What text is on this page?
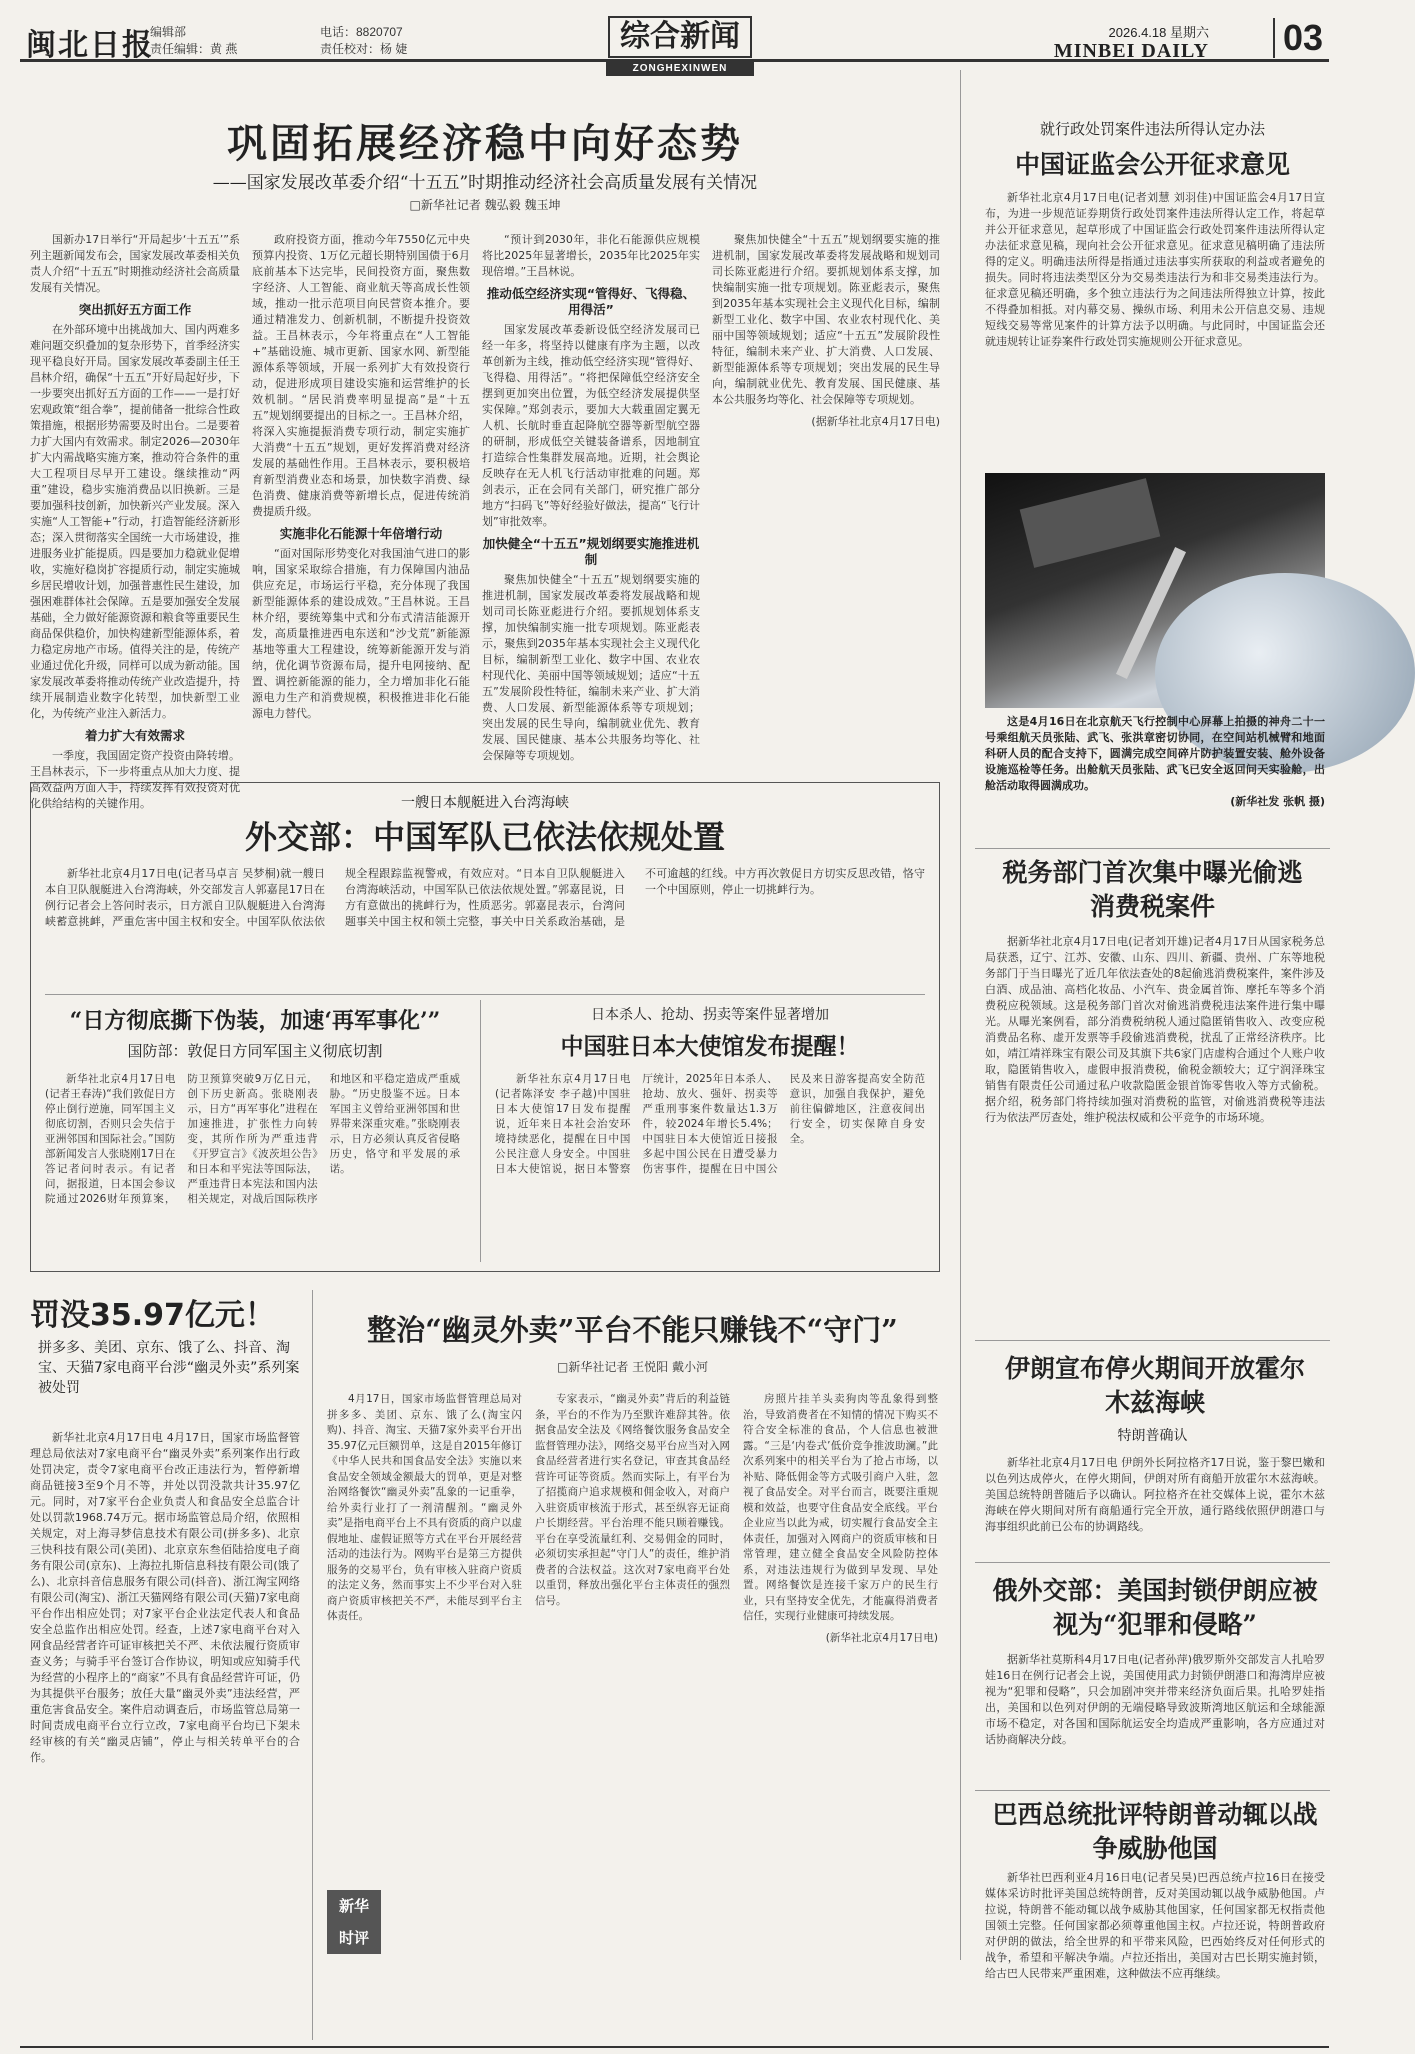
闽北日报
编辑部
责任编辑：黄 燕
电话：8820707
责任校对：杨 婕	综合新闻
ZONGHEXINWEN
2026.4.18 星期六
MINBEI DAILY 03
巩固拓展经济稳中向好态势
——国家发展改革委介绍“十五五”时期推动经济社会高质量发展有关情况
□新华社记者 魏弘毅 魏玉坤

国新办17日举行“开局起步‘十五五’”系列主题新闻发布会，国家发展改革委相关负责人介绍“十五五”时期推动经济社会高质量发展有关情况。

突出抓好五方面工作

在外部环境中出挑战加大、国内两难多难问题交织叠加的复杂形势下，首季经济实现平稳良好开局。国家发展改革委副主任王昌林介绍，确保“十五五”开好局起好步，下一步要突出抓好五方面的工作——一是打好宏观政策“组合拳”，提前储备一批综合性政策措施，根据形势需要及时出台。二是要着力扩大国内有效需求。制定2026—2030年扩大内需战略实施方案，推动符合条件的重大工程项目尽早开工建设。继续推动“两重”建设，稳步实施消费品以旧换新。三是要加强科技创新，加快新兴产业发展。深入实施“人工智能+”行动，打造智能经济新形态；深入贯彻落实全国统一大市场建设，推进服务业扩能提质。四是要加力稳就业促增收，实施好稳岗扩容提质行动，制定实施城乡居民增收计划，加强普惠性民生建设，加强困难群体社会保障。五是要加强安全发展基础，全力做好能源资源和粮食等重要民生商品保供稳价，加快构建新型能源体系，着力稳定房地产市场。值得关注的是，传统产业通过优化升级，同样可以成为新动能。国家发展改革委将推动传统产业改造提升，持续开展制造业数字化转型，加快新型工业化，为传统产业注入新活力。

着力扩大有效需求

一季度，我国固定资产投资由降转增。王昌林表示，下一步将重点从加大力度、提高效益两方面入手，持续发挥有效投资对优化供给结构的关键作用。

政府投资方面，推动今年7550亿元中央预算内投资、1万亿元超长期特别国债于6月底前基本下达完毕，民间投资方面，聚焦数字经济、人工智能、商业航天等高成长性领域，推动一批示范项目向民营资本推介。要通过精准发力、创新机制，不断提升投资效益。王昌林表示，今年将重点在“人工智能+”基础设施、城市更新、国家水网、新型能源体系等领域，开展一系列扩大有效投资行动，促进形成项目建设实施和运营维护的长效机制。“居民消费率明显提高”是“十五五”规划纲要提出的目标之一。王昌林介绍，将深入实施提振消费专项行动，制定实施扩大消费“十五五”规划，更好发挥消费对经济发展的基础性作用。王昌林表示，要积极培育新型消费业态和场景，加快数字消费、绿色消费、健康消费等新增长点，促进传统消费提质升级。

实施非化石能源十年倍增行动

“面对国际形势变化对我国油气进口的影响，国家采取综合措施，有力保障国内油品供应充足，市场运行平稳，充分体现了我国新型能源体系的建设成效。”王昌林说。王昌林介绍，要统筹集中式和分布式清洁能源开发，高质量推进西电东送和“沙戈荒”新能源基地等重大工程建设，统筹新能源开发与消纳，优化调节资源布局，提升电网接纳、配置、调控新能源的能力，全力增加非化石能源电力生产和消费规模，积极推进非化石能源电力替代。

“预计到2030年，非化石能源供应规模将比2025年显著增长，2035年比2025年实现倍增。”王昌林说。

推动低空经济实现“管得好、飞得稳、用得活”

国家发展改革委新设低空经济发展司已经一年多，将坚持以健康有序为主题，以改革创新为主线，推动低空经济实现“管得好、飞得稳、用得活”。“将把保障低空经济安全摆到更加突出位置，为低空经济发展提供坚实保障。”郑剑表示，要加大大载重固定翼无人机、长航时垂直起降航空器等新型航空器的研制，形成低空关键装备谱系，因地制宜打造综合性集群发展高地。近期，社会舆论反映存在无人机飞行活动审批难的问题。郑剑表示，正在会同有关部门，研究推广部分地方“扫码飞”等好经验好做法，提高“飞行计划”审批效率。

加快健全“十五五”规划纲要实施推进机制

聚焦加快健全“十五五”规划纲要实施的推进机制，国家发展改革委将发展战略和规划司司长陈亚彪进行介绍。要抓规划体系支撑，加快编制实施一批专项规划。陈亚彪表示，聚焦到2035年基本实现社会主义现代化目标，编制新型工业化、数字中国、农业农村现代化、美丽中国等领域规划；适应“十五五”发展阶段性特征，编制未来产业、扩大消费、人口发展、新型能源体系等专项规划；突出发展的民生导向，编制就业优先、教育发展、国民健康、基本公共服务均等化、社会保障等专项规划。

聚焦加快健全“十五五”规划纲要实施的推进机制，国家发展改革委将发展战略和规划司司长陈亚彪进行介绍。要抓规划体系支撑，加快编制实施一批专项规划。陈亚彪表示，聚焦到2035年基本实现社会主义现代化目标，编制新型工业化、数字中国、农业农村现代化、美丽中国等领域规划；适应“十五五”发展阶段性特征，编制未来产业、扩大消费、人口发展、新型能源体系等专项规划；突出发展的民生导向，编制就业优先、教育发展、国民健康、基本公共服务均等化、社会保障等专项规划。

(据新华社北京4月17日电)
就行政处罚案件违法所得认定办法
中国证监会公开征求意见

新华社北京4月17日电(记者刘慧 刘羽佳)中国证监会4月17日宣布，为进一步规范证券期货行政处罚案件违法所得认定工作，将起草并公开征求意见，起草形成了中国证监会行政处罚案件违法所得认定办法征求意见稿，现向社会公开征求意见。征求意见稿明确了违法所得的定义。明确违法所得是指通过违法事实所获取的利益或者避免的损失。同时将违法类型区分为交易类违法行为和非交易类违法行为。征求意见稿还明确，多个独立违法行为之间违法所得独立计算，按此不得叠加相抵。对内幕交易、操纵市场、利用未公开信息交易、违规短线交易等常见案件的计算方法予以明确。与此同时，中国证监会还就违规转让证券案件行政处罚实施规则公开征求意见。

这是4月16日在北京航天飞行控制中心屏幕上拍摄的神舟二十一号乘组航天员张陆、武飞、张洪章密切协同，在空间站机械臂和地面科研人员的配合支持下，圆满完成空间碎片防护装置安装、舱外设备设施巡检等任务。出舱航天员张陆、武飞已安全返回问天实验舱，出舱活动取得圆满成功。

(新华社发 张帆 摄)
税务部门首次集中曝光偷逃消费税案件

据新华社北京4月17日电(记者刘开雄)记者4月17日从国家税务总局获悉，辽宁、江苏、安徽、山东、四川、新疆、贵州、广东等地税务部门于当日曝光了近几年依法查处的8起偷逃消费税案件，案件涉及白酒、成品油、高档化妆品、小汽车、贵金属首饰、摩托车等多个消费税应税领域。这是税务部门首次对偷逃消费税违法案件进行集中曝光。从曝光案例看，部分消费税纳税人通过隐匿销售收入、改变应税消费品名称、虚开发票等手段偷逃消费税，扰乱了正常经济秩序。比如，靖江靖祥珠宝有限公司及其旗下共6家门店虚构合通过个人账户收取，隐匿销售收入，虚假申报消费税，偷税金额较大；辽宁润泽珠宝销售有限责任公司通过私户收款隐匿金银首饰零售收入等方式偷税。据介绍，税务部门将持续加强对消费税的监管，对偷逃消费税等违法行为依法严厉查处，维护税法权威和公平竞争的市场环境。

伊朗宣布停火期间开放霍尔木兹海峡
特朗普确认

新华社北京4月17日电 伊朗外长阿拉格齐17日说，鉴于黎巴嫩和以色列达成停火，在停火期间，伊朗对所有商船开放霍尔木兹海峡。美国总统特朗普随后予以确认。阿拉格齐在社交媒体上说，霍尔木兹海峡在停火期间对所有商船通行完全开放，通行路线依照伊朗港口与海事组织此前已公布的协调路线。

俄外交部：美国封锁伊朗应被视为“犯罪和侵略”

据新华社莫斯科4月17日电(记者孙萍)俄罗斯外交部发言人扎哈罗娃16日在例行记者会上说，美国使用武力封锁伊朗港口和海湾岸应被视为“犯罪和侵略”，只会加剧冲突并带来经济负面后果。扎哈罗娃指出，美国和以色列对伊朗的无端侵略导致波斯湾地区航运和全球能源市场不稳定，对各国和国际航运安全均造成严重影响，各方应通过对话协商解决分歧。

巴西总统批评特朗普动辄以战争威胁他国

新华社巴西利亚4月16日电(记者吴昊)巴西总统卢拉16日在接受媒体采访时批评美国总统特朗普，反对美国动辄以战争威胁他国。卢拉说，特朗普不能动辄以战争威胁其他国家，任何国家都无权指责他国领土完整。任何国家都必须尊重他国主权。卢拉还说，特朗普政府对伊朗的做法，给全世界的和平带来风险，巴西始终反对任何形式的战争，希望和平解决争端。卢拉还指出，美国对古巴长期实施封锁，给古巴人民带来严重困难，这种做法不应再继续。

一艘日本舰艇进入台湾海峡
外交部：中国军队已依法依规处置

新华社北京4月17日电(记者马卓言 吴梦桐)就一艘日本自卫队舰艇进入台湾海峡，外交部发言人郭嘉昆17日在例行记者会上答问时表示，日方派自卫队舰艇进入台湾海峡蓄意挑衅，严重危害中国主权和安全。中国军队依法依规全程跟踪监视警戒，有效应对。“日本自卫队舰艇进入台湾海峡活动，中国军队已依法依规处置。”郭嘉昆说，日方有意做出的挑衅行为，性质恶劣。郭嘉昆表示，台湾问题事关中国主权和领土完整，事关中日关系政治基础，是不可逾越的红线。中方再次敦促日方切实反思改错，恪守一个中国原则，停止一切挑衅行为。

“日方彻底撕下伪装，加速‘再军事化’”
国防部：敦促日方同军国主义彻底切割

新华社北京4月17日电(记者王春涛)“我们敦促日方停止倒行逆施，同军国主义彻底切割，否则只会失信于亚洲邻国和国际社会。”国防部新闻发言人张晓刚17日在答记者问时表示。有记者问，据报道，日本国会参议院通过2026财年预算案，防卫预算突破9万亿日元，创下历史新高。张晓刚表示，日方“再军事化”进程在加速推进，扩张性力向转变，其所作所为严重违背《开罗宣言》《波茨坦公告》和日本和平宪法等国际法，严重违背日本宪法和国内法相关规定，对战后国际秩序和地区和平稳定造成严重威胁。“历史殷鉴不远。日本军国主义曾给亚洲邻国和世界带来深重灾难。”张晓刚表示，日方必须认真反省侵略历史，恪守和平发展的承诺。

日本杀人、抢劫、拐卖等案件显著增加
中国驻日本大使馆发布提醒！

新华社东京4月17日电(记者陈泽安 李子越)中国驻日本大使馆17日发布提醒说，近年来日本社会治安环境持续恶化，提醒在日中国公民注意人身安全。中国驻日本大使馆说，据日本警察厅统计，2025年日本杀人、抢劫、放火、强奸、拐卖等严重刑事案件数量达1.3万件，较2024年增长5.4%；中国驻日本大使馆近日接报多起中国公民在日遭受暴力伤害事件，提醒在日中国公民及来日游客提高安全防范意识，加强自我保护，避免前往偏僻地区，注意夜间出行安全，切实保障自身安全。

罚没35.97亿元！
拼多多、美团、京东、饿了么、抖音、淘宝、天猫7家电商平台涉“幽灵外卖”系列案被处罚

新华社北京4月17日电 4月17日，国家市场监督管理总局依法对7家电商平台“幽灵外卖”系列案作出行政处罚决定，责令7家电商平台改正违法行为，暂停新增商品链接3至9个月不等，并处以罚没款共计35.97亿元。同时，对7家平台企业负责人和食品安全总监合计处以罚款1968.74万元。据市场监管总局介绍，依照相关规定，对上海寻梦信息技术有限公司(拼多多)、北京三快科技有限公司(美团)、北京京东叁佰陆拾度电子商务有限公司(京东)、上海拉扎斯信息科技有限公司(饿了么)、北京抖音信息服务有限公司(抖音)、浙江淘宝网络有限公司(淘宝)、浙江天猫网络有限公司(天猫)7家电商平台作出相应处罚；对7家平台企业法定代表人和食品安全总监作出相应处罚。经查，上述7家电商平台对入网食品经营者许可证审核把关不严、未依法履行资质审查义务；与骑手平台签订合作协议，明知或应知骑手代为经营的小程序上的“商家”不具有食品经营许可证，仍为其提供平台服务；放任大量“幽灵外卖”违法经营，严重危害食品安全。案件启动调查后，市场监管总局第一时间责成电商平台立行立改，7家电商平台均已下架未经审核的有关“幽灵店铺”，停止与相关转单平台的合作。

整治“幽灵外卖”平台不能只赚钱不“守门”
□新华社记者 王悦阳 戴小河

4月17日，国家市场监督管理总局对拼多多、美团、京东、饿了么(淘宝闪购)、抖音、淘宝、天猫7家外卖平台开出35.97亿元巨额罚单，这是自2015年修订《中华人民共和国食品安全法》实施以来食品安全领域金额最大的罚单，更是对整治网络餐饮“幽灵外卖”乱象的一记重拳，给外卖行业打了一剂清醒剂。“幽灵外卖”是指电商平台上不具有资质的商户以虚假地址、虚假证照等方式在平台开展经营活动的违法行为。网购平台是第三方提供服务的交易平台，负有审核入驻商户资质的法定义务，然而事实上不少平台对入驻商户资质审核把关不严，未能尽到平台主体责任。

专家表示，“幽灵外卖”背后的利益链条，平台的不作为乃至默许难辞其咎。依据食品安全法及《网络餐饮服务食品安全监督管理办法》，网络交易平台应当对入网食品经营者进行实名登记，审查其食品经营许可证等资质。然而实际上，有平台为了招揽商户追求规模和佣金收入，对商户入驻资质审核流于形式，甚至纵容无证商户长期经营。平台治理不能只顾着赚钱。平台在享受流量红利、交易佣金的同时，必须切实承担起“守门人”的责任，维护消费者的合法权益。这次对7家电商平台处以重罚，释放出强化平台主体责任的强烈信号。

房照片挂羊头卖狗肉等乱象得到整治，导致消费者在不知情的情况下购买不符合安全标准的食品，个人信息也被泄露。“三是‘内卷式’低价竞争推波助澜。”此次系列案中的相关平台为了抢占市场，以补贴、降低佣金等方式吸引商户入驻，忽视了食品安全。对平台而言，既要注重规模和效益，也要守住食品安全底线。平台企业应当以此为戒，切实履行食品安全主体责任，加强对入网商户的资质审核和日常管理，建立健全食品安全风险防控体系，对违法违规行为做到早发现、早处置。网络餐饮是连接千家万户的民生行业，只有坚持安全优先，才能赢得消费者信任，实现行业健康可持续发展。

(新华社北京4月17日电)
新华
时评
